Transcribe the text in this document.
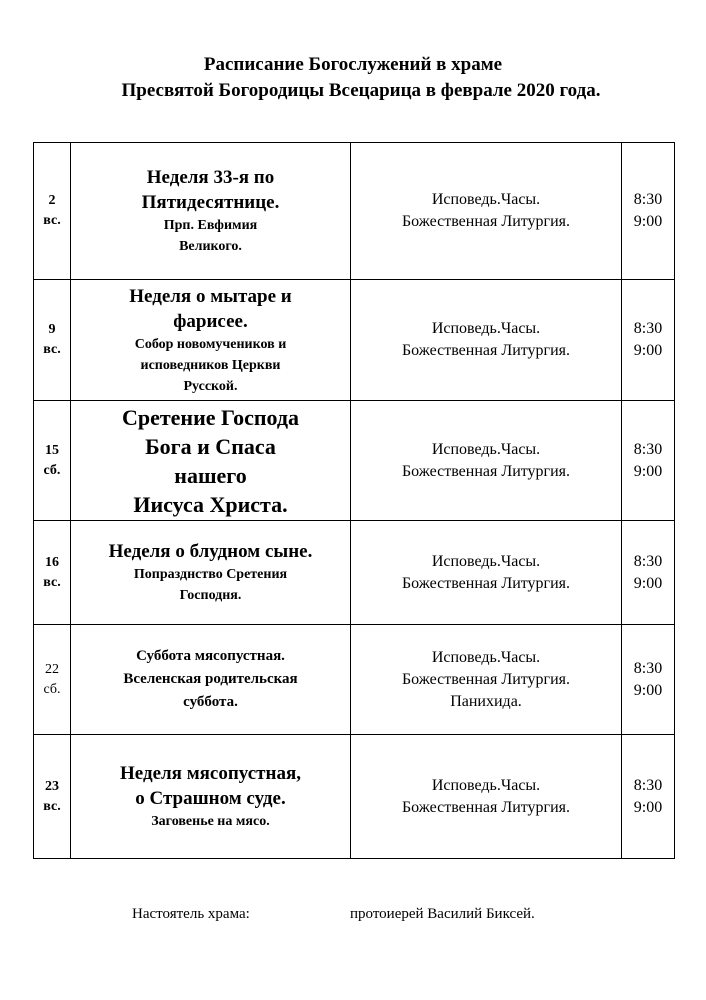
Расписание Богослужений в храме
Пресвятой Богородицы Всецарица в феврале 2020 года.
2
вс.	Неделя 33-я по
Пятидесятнице.
Прп. Евфимия
Великого.	Исповедь.Часы.
Божественная Литургия.	8:30
9:00

9
вс.	Неделя о мытаре и
фарисее.
Собор новомучеников и
исповедников Церкви
Русской.	Исповедь.Часы.
Божественная Литургия.	8:30
9:00

15
сб.	Сретение Господа
Бога и Спаса
нашего
Иисуса Христа.	Исповедь.Часы.
Божественная Литургия.	8:30
9:00

16
вс.	Неделя о блудном сыне.
Попразднство Сретения
Господня.	Исповедь.Часы.
Божественная Литургия.	8:30
9:00

22
сб.	Суббота мясопустная.
Вселенская родительская
суббота.	Исповедь.Часы.
Божественная Литургия.
Панихида.	8:30
9:00

23
вс.	Неделя мясопустная,
о Страшном суде.
Заговенье на мясо.	Исповедь.Часы.
Божественная Литургия.	8:30
9:00
Настоятель храма:	протоиерей Василий Биксей.
